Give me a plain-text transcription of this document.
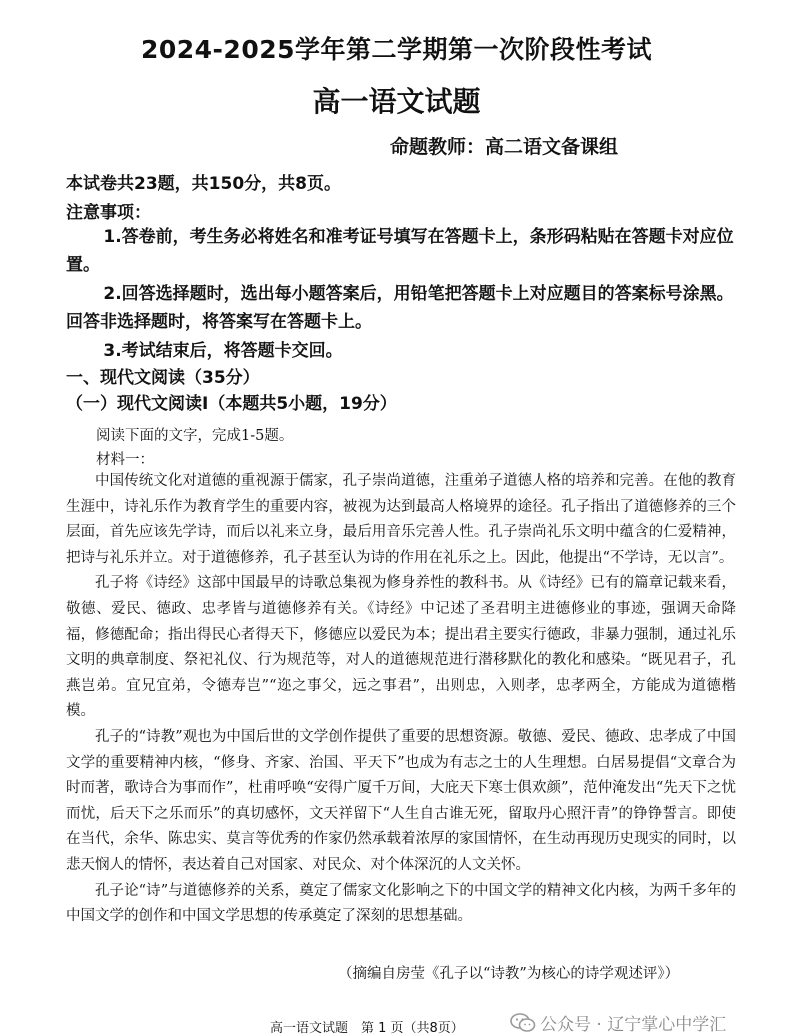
2024-2025学年第二学期第一次阶段性考试
高一语文试题
命题教师：高二语文备课组
本试卷共23题，共150分，共8页。
注意事项：

1.答卷前，考生务必将姓名和准考证号填写在答题卡上，条形码粘贴在答题卡对应位置。

2.回答选择题时，选出每小题答案后，用铅笔把答题卡上对应题目的答案标号涂黑。回答非选择题时，将答案写在答题卡上。

3.考试结束后，将答题卡交回。

一、现代文阅读（35分）
（一）现代文阅读Ⅰ（本题共5小题，19分）
阅读下面的文字，完成1-5题。
材料一：

中国传统文化对道德的重视源于儒家，孔子崇尚道德，注重弟子道德人格的培养和完善。在他的教育生涯中，诗礼乐作为教育学生的重要内容，被视为达到最高人格境界的途径。孔子指出了道德修养的三个层面，首先应该先学诗，而后以礼来立身，最后用音乐完善人性。孔子崇尚礼乐文明中蕴含的仁爱精神，把诗与礼乐并立。对于道德修养，孔子甚至认为诗的作用在礼乐之上。因此，他提出“不学诗，无以言”。

孔子将《诗经》这部中国最早的诗歌总集视为修身养性的教科书。从《诗经》已有的篇章记载来看，敬德、爱民、德政、忠孝皆与道德修养有关。《诗经》中记述了圣君明主进德修业的事迹，强调天命降福，修德配命；指出得民心者得天下，修德应以爱民为本；提出君主要实行德政，非暴力强制，通过礼乐文明的典章制度、祭祀礼仪、行为规范等，对人的道德规范进行潜移默化的教化和感染。“既见君子，孔燕岂弟。宜兄宜弟，令德寿岂”“迩之事父，远之事君”，出则忠，入则孝，忠孝两全，方能成为道德楷模。

孔子的“诗教”观也为中国后世的文学创作提供了重要的思想资源。敬德、爱民、德政、忠孝成了中国文学的重要精神内核，“修身、齐家、治国、平天下”也成为有志之士的人生理想。白居易提倡“文章合为时而著，歌诗合为事而作”，杜甫呼唤“安得广厦千万间，大庇天下寒士俱欢颜”，范仲淹发出“先天下之忧而忧，后天下之乐而乐”的真切感怀，文天祥留下“人生自古谁无死，留取丹心照汗青”的铮铮誓言。即使在当代，余华、陈忠实、莫言等优秀的作家仍然承载着浓厚的家国情怀，在生动再现历史现实的同时，以悲天悯人的情怀，表达着自己对国家、对民众、对个体深沉的人文关怀。

孔子论“诗”与道德修养的关系，奠定了儒家文化影响之下的中国文学的精神文化内核，为两千多年的中国文学的创作和中国文学思想的传承奠定了深刻的思想基础。

（摘编自房莹《孔子以“诗教”为核心的诗学观述评》）
高一语文试题　第 1 页（共8页）	公众号 · 辽宁掌心中学汇
